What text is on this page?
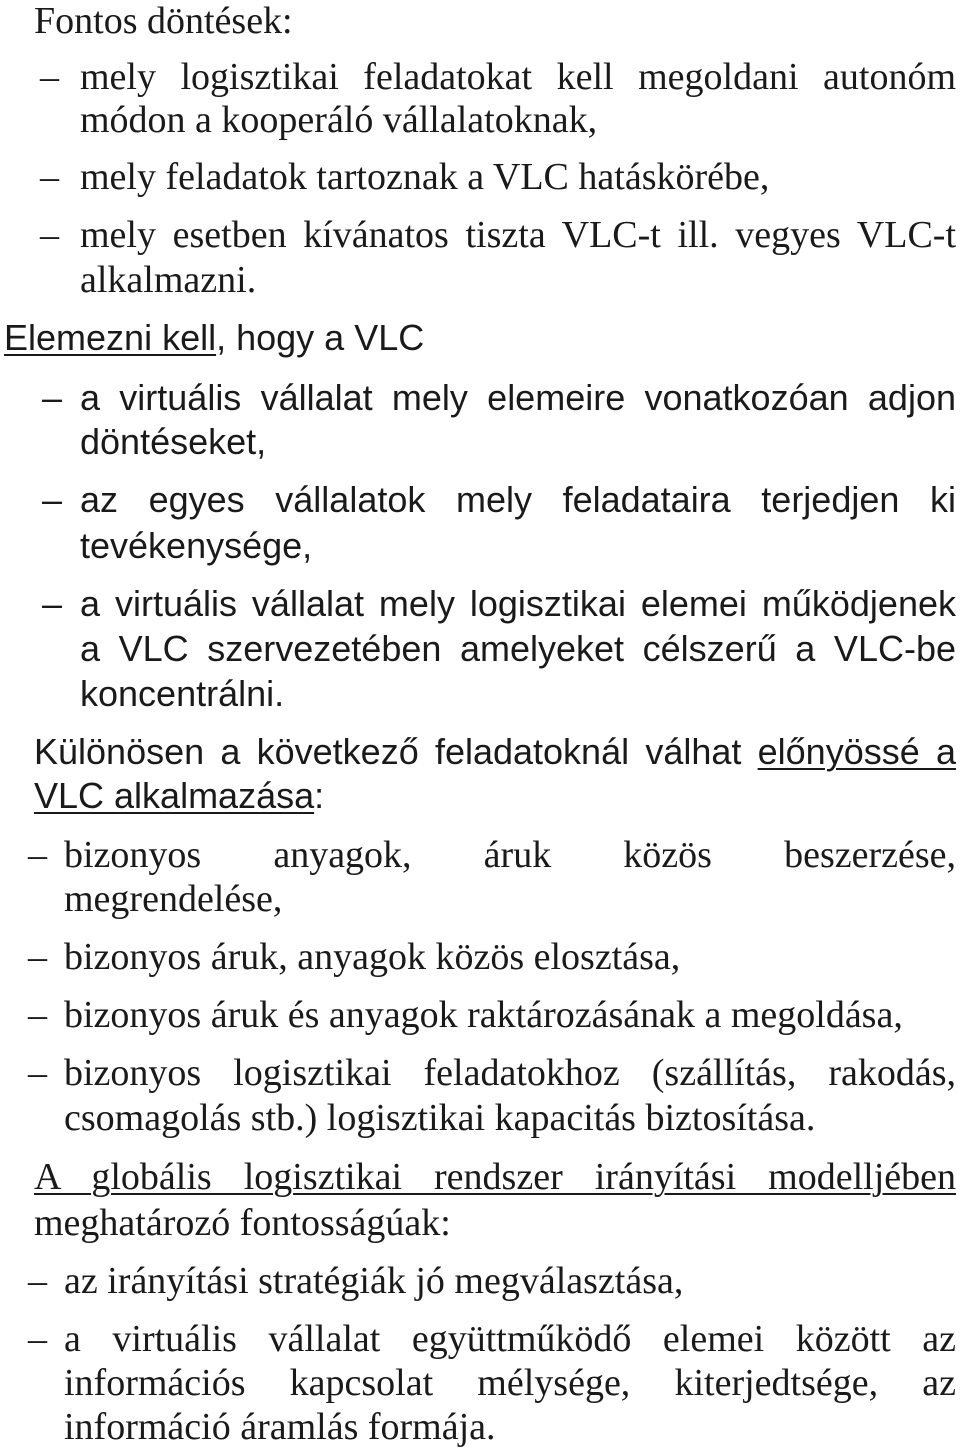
Fontos döntések:
– mely logisztikai feladatokat kell megoldani autonóm
módon a kooperáló vállalatoknak,
– mely feladatok tartoznak a VLC hatáskörébe,
– mely esetben kívánatos tiszta VLC-t ill. vegyes VLC-t
alkalmazni.
Elemezni kell, hogy a VLC
– a virtuális vállalat mely elemeire vonatkozóan adjon
döntéseket,
– az egyes vállalatok mely feladataira terjedjen ki
tevékenysége,
– a virtuális vállalat mely logisztikai elemei működjenek
a VLC szervezetében amelyeket célszerű a VLC-be
koncentrálni.
Különösen a következő feladatoknál válhat előnyössé a
VLC alkalmazása:
– bizonyos anyagok, áruk közös beszerzése,
megrendelése,
– bizonyos áruk, anyagok közös elosztása,
– bizonyos áruk és anyagok raktározásának a megoldása,
– bizonyos logisztikai feladatokhoz (szállítás, rakodás,
csomagolás stb.) logisztikai kapacitás biztosítása.
A globális logisztikai rendszer irányítási modelljében
meghatározó fontosságúak:
– az irányítási stratégiák jó megválasztása,
– a virtuális vállalat együttműködő elemei között az
információs kapcsolat mélysége, kiterjedtsége, az
információ áramlás formája.
